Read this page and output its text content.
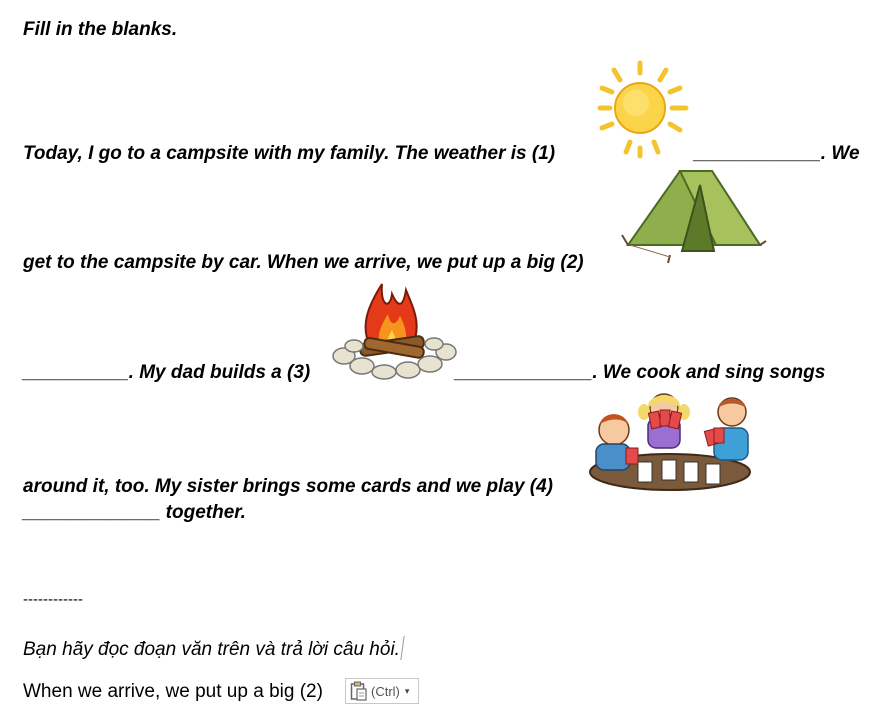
Fill in the blanks.
Today, I go to a campsite with my family. The weather is (1)	____________. We
get to the campsite by car. When we arrive, we put up a big (2)
__________. My dad builds a (3)	_____________. We cook and sing songs
around it, too. My sister brings some cards and we play (4)
_____________ together.
------------
Bạn hãy đọc đoạn văn trên và trả lời câu hỏi.
When we arrive, we put up a big (2)	(Ctrl) ▾
